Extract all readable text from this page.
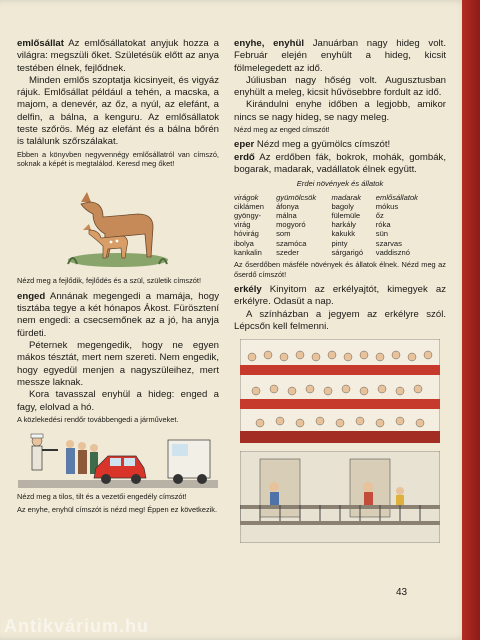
emlősállat Az emlősállatokat anyjuk hozza a világra: megszüli őket. Születésük előtt az anya testében élnek, fejlődnek.

Minden emlős szoptatja kicsinyeit, és vigyáz rájuk. Emlősállat például a tehén, a macska, a majom, a denevér, az őz, a nyúl, az elefánt, a delfin, a bálna, a kenguru. Az emlősállatok teste szőrös. Még az elefánt és a bálna bőrén is találunk szőrszálakat.

Ebben a könyvben negyvennégy emlősállatról van címszó, soknak a képét is megtalálod. Keresd meg őket!

Nézd meg a fejlődik, fejlődés és a szül, születik címszót!

enged Annának megengedi a mamája, hogy tisztába tegye a két hónapos Ákost. Fürösztení nem engedi: a csecsemőnek az a jó, ha anyja fürdeti.

Péternek megengedik, hogy ne egyen mákos tésztát, mert nem szereti. Nem engedik, hogy egyedül menjen a nagyszüleihez, mert messze laknak.

Kora tavasszal enyhül a hideg: enged a fagy, elolvad a hó.

A közlekedési rendőr továbbengedi a járműveket.

Nézd meg a tilos, tilt és a vezetői engedély címszót!

Az enyhe, enyhül címszót is nézd meg! Éppen ez következik.

enyhe, enyhül Januárban nagy hideg volt. Február elején enyhült a hideg, kicsit fölmelegedett az idő.

Júliusban nagy hőség volt. Augusztusban enyhült a meleg, kicsit hűvösebbre fordult az idő.

Kirándulni enyhe időben a legjobb, amikor nincs se nagy hideg, se nagy meleg.

Nézd meg az enged címszót!

eper Nézd meg a gyümölcs címszót!

erdő Az erdőben fák, bokrok, mohák, gombák, bogarak, madarak, vadállatok élnek együtt.

Erdei növények és állatok
virágok	gyümölcsök	madarak	emlősállatok
ciklámen	áfonya	bagoly	mókus
gyöngy-	málna	fülemüle	őz
virág	mogyoró	harkály	róka
hóvirág	som	kakukk	sün
ibolya	szamóca	pinty	szarvas
kankalin	szeder	sárgarigó	vaddisznó

Az őserdőben másféle növények és állatok élnek. Nézd meg az őserdő címszót!

erkély Kinyitom az erkélyajtót, kimegyek az erkélyre. Odasüt a nap.

A színházban a jegyem az erkélyre szól. Lépcsőn kell felmenni.

43
Antikvárium.hu
